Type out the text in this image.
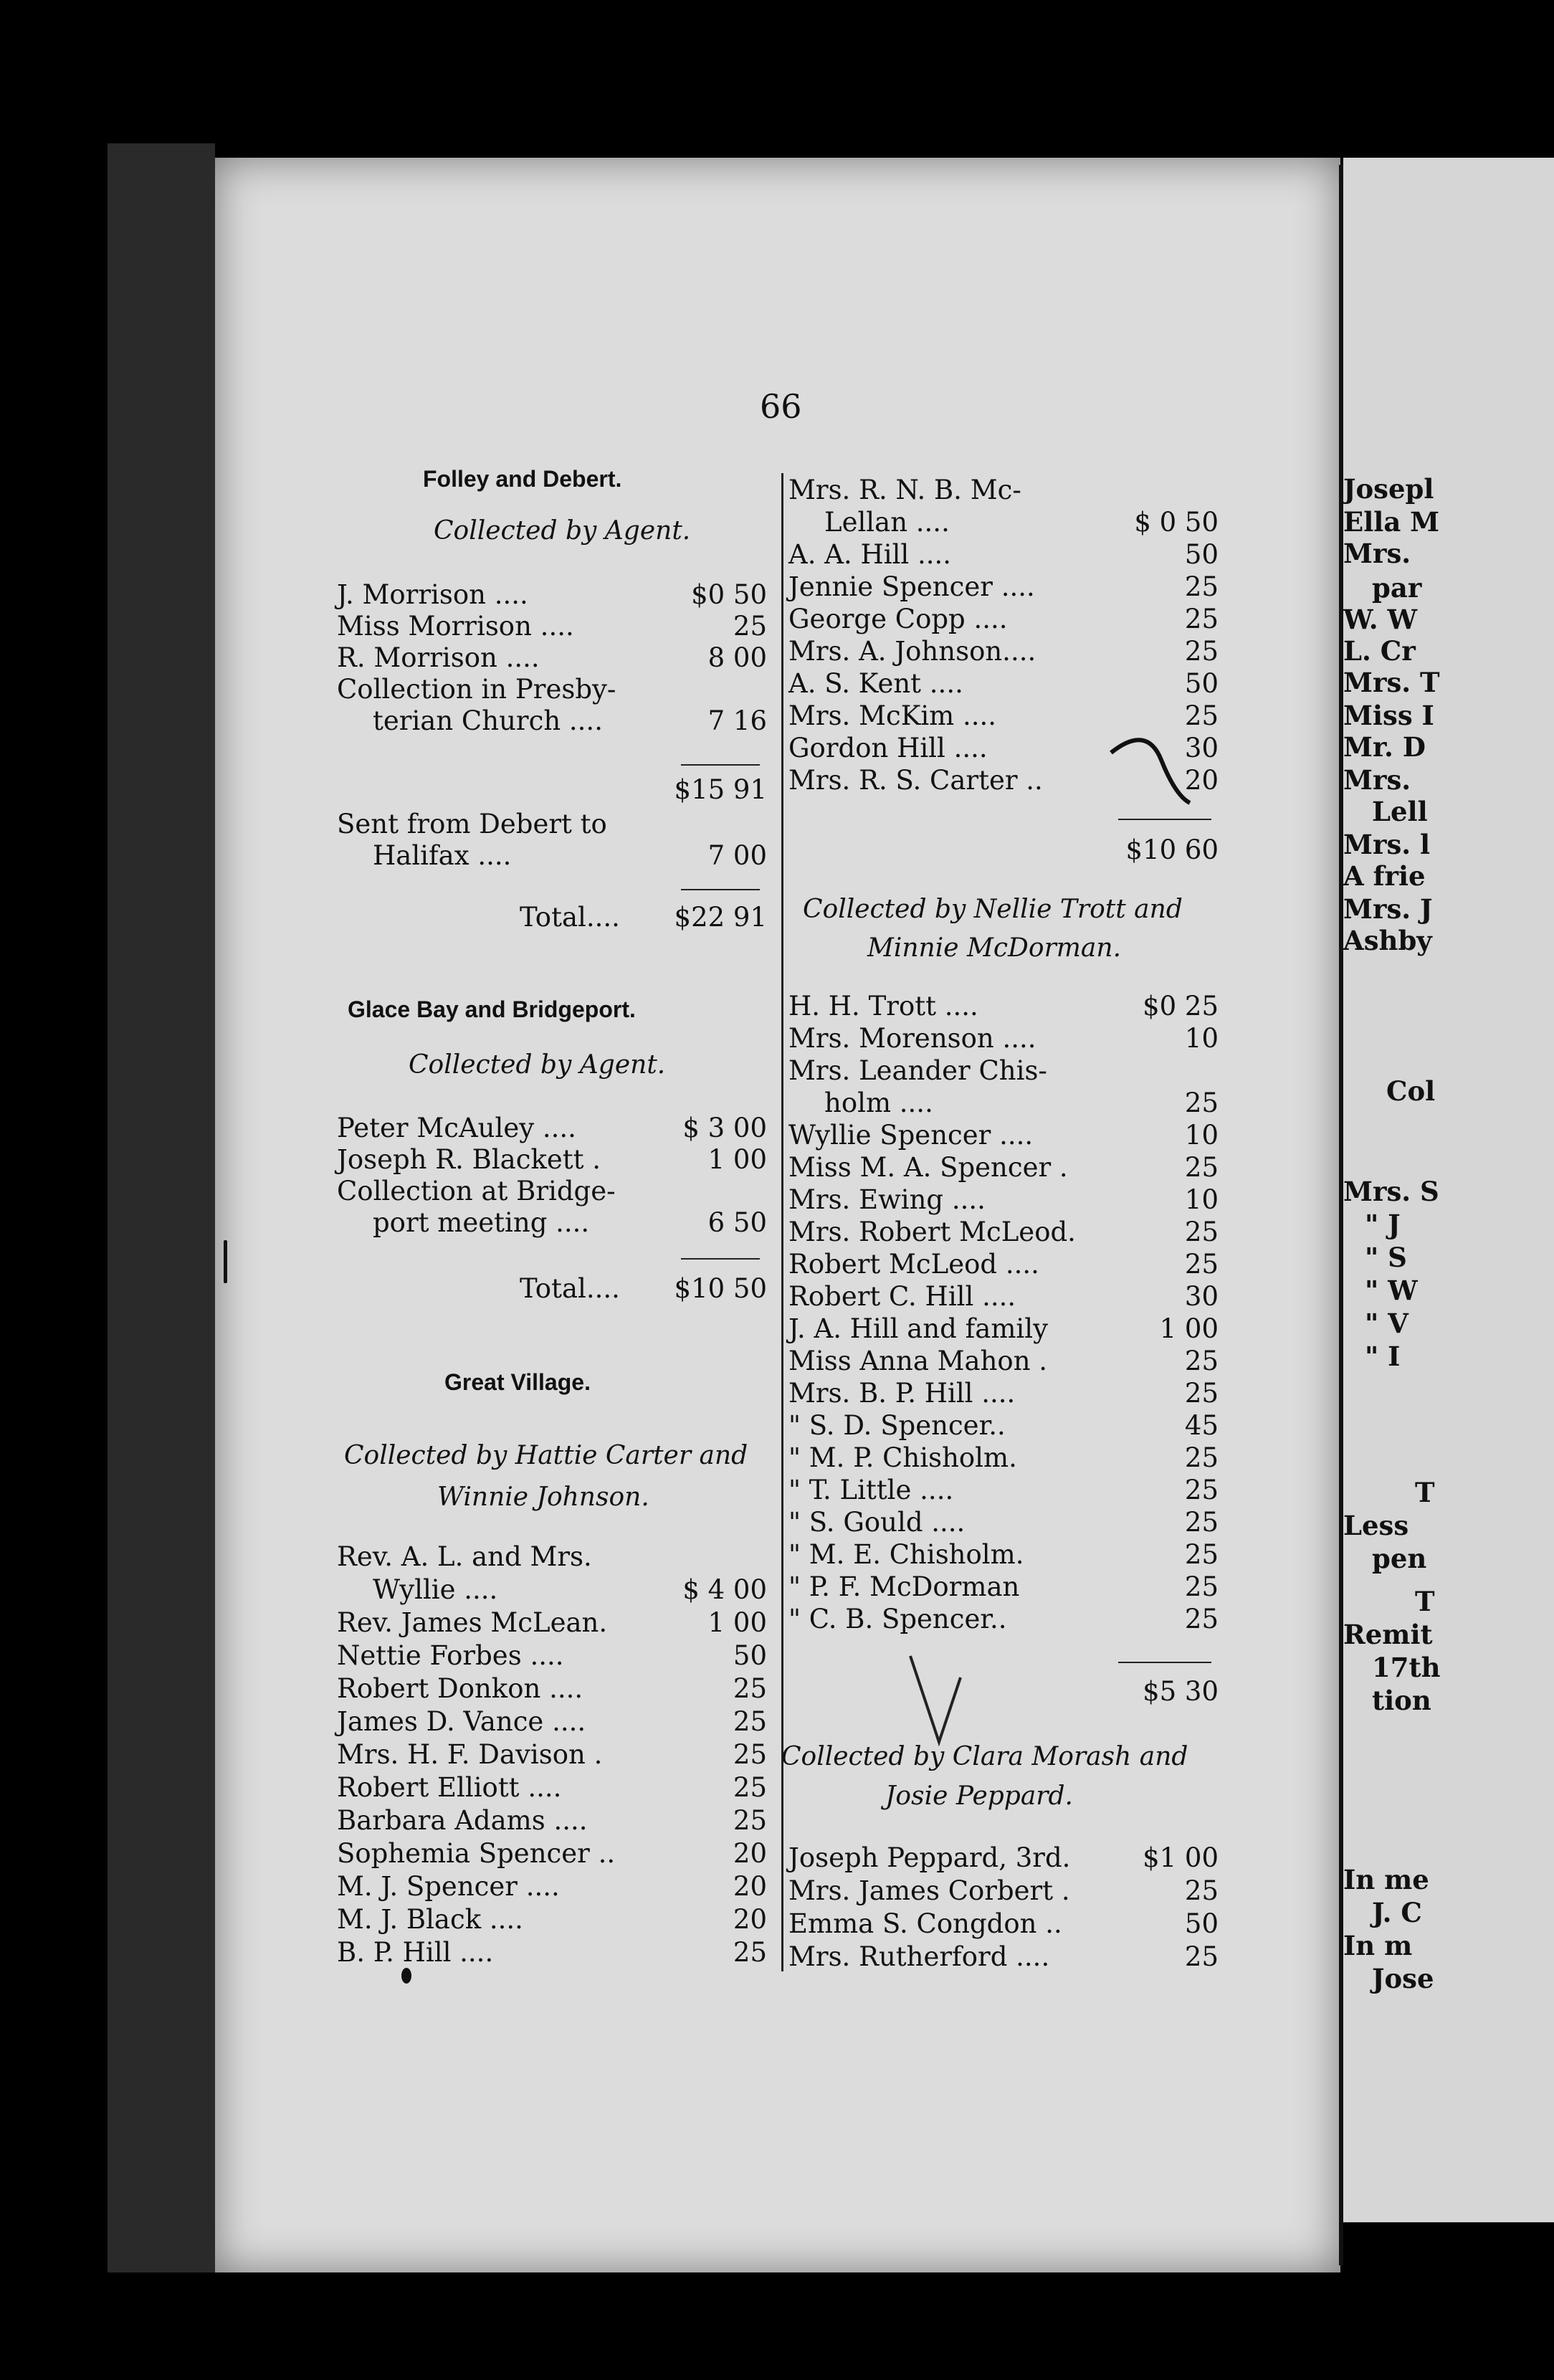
Josepl
Ella M
Mrs.
par
W. W
L. Cr
Mrs. T
Miss I
Mr. D
Mrs.
Lell
Mrs. l
A frie
Mrs. J
Ashby
Col
Mrs. S
" J
" S
" W
" V
" I
T
Less
pen
T
Remit
17th
tion
In me
J. C
In m
Jose
66
Folley and Debert.
Collected by Agent.
J. Morrison ....	$0 50
Miss Morrison ....	25
R. Morrison ....	8 00
Collection in Presby-
terian Church ....	7 16
$15 91
Sent from Debert to
Halifax ....	7 00
Total.... $22 91
Glace Bay and Bridgeport.
Collected by Agent.
Peter McAuley ....	$ 3 00
Joseph R. Blackett .	1 00
Collection at Bridge-
port meeting ....	6 50
Total.... $10 50
Great Village.
Collected by Hattie Carter and
Winnie Johnson.
Rev. A. L. and Mrs.
Wyllie ....	$ 4 00
Rev. James McLean.	1 00
Nettie Forbes ....	50
Robert Donkon ....	25
James D. Vance ....	25
Mrs. H. F. Davison .	25
Robert Elliott ....	25
Barbara Adams ....	25
Sophemia Spencer ..	20
M. J. Spencer ....	20
M. J. Black ....	20
B. P. Hill ....	25
Mrs. R. N. B. Mc-
Lellan ....	$ 0 50
A. A. Hill ....	50
Jennie Spencer ....	25
George Copp ....	25
Mrs. A. Johnson....	25
A. S. Kent ....	50
Mrs. McKim ....	25
Gordon Hill ....	30
Mrs. R. S. Carter ..	20
$10 60
Collected by Nellie Trott and
Minnie McDorman.
H. H. Trott ....	$0 25
Mrs. Morenson ....	10
Mrs. Leander Chis-
holm ....	25
Wyllie Spencer ....	10
Miss M. A. Spencer .	25
Mrs. Ewing ....	10
Mrs. Robert McLeod.	25
Robert McLeod ....	25
Robert C. Hill ....	30
J. A. Hill and family	1 00
Miss Anna Mahon .	25
Mrs. B. P. Hill ....	25
" S. D. Spencer..	45
" M. P. Chisholm.	25
" T. Little ....	25
" S. Gould ....	25
" M. E. Chisholm.	25
" P. F. McDorman	25
" C. B. Spencer..	25
$5 30
Collected by Clara Morash and
Josie Peppard.
Joseph Peppard, 3rd.	$1 00
Mrs. James Corbert .	25
Emma S. Congdon ..	50
Mrs. Rutherford ....	25
